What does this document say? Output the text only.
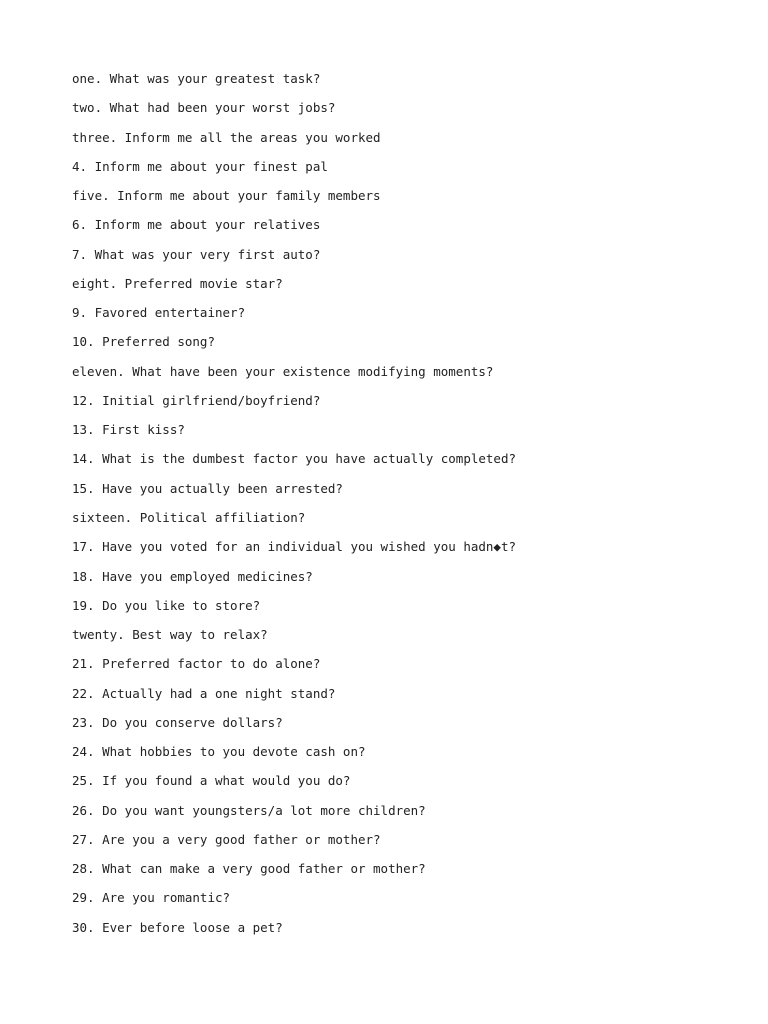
one. What was your greatest task?
two. What had been your worst jobs?
three. Inform me all the areas you worked
4. Inform me about your finest pal
five. Inform me about your family members
6. Inform me about your relatives
7. What was your very first auto?
eight. Preferred movie star?
9. Favored entertainer?
10. Preferred song?
eleven. What have been your existence modifying moments?
12. Initial girlfriend/boyfriend?
13. First kiss?
14. What is the dumbest factor you have actually completed?
15. Have you actually been arrested?
sixteen. Political affiliation?
17. Have you voted for an individual you wished you hadn◆t?
18. Have you employed medicines?
19. Do you like to store?
twenty. Best way to relax?
21. Preferred factor to do alone?
22. Actually had a one night stand?
23. Do you conserve dollars?
24. What hobbies to you devote cash on?
25. If you found a what would you do?
26. Do you want youngsters/a lot more children?
27. Are you a very good father or mother?
28. What can make a very good father or mother?
29. Are you romantic?
30. Ever before loose a pet?
